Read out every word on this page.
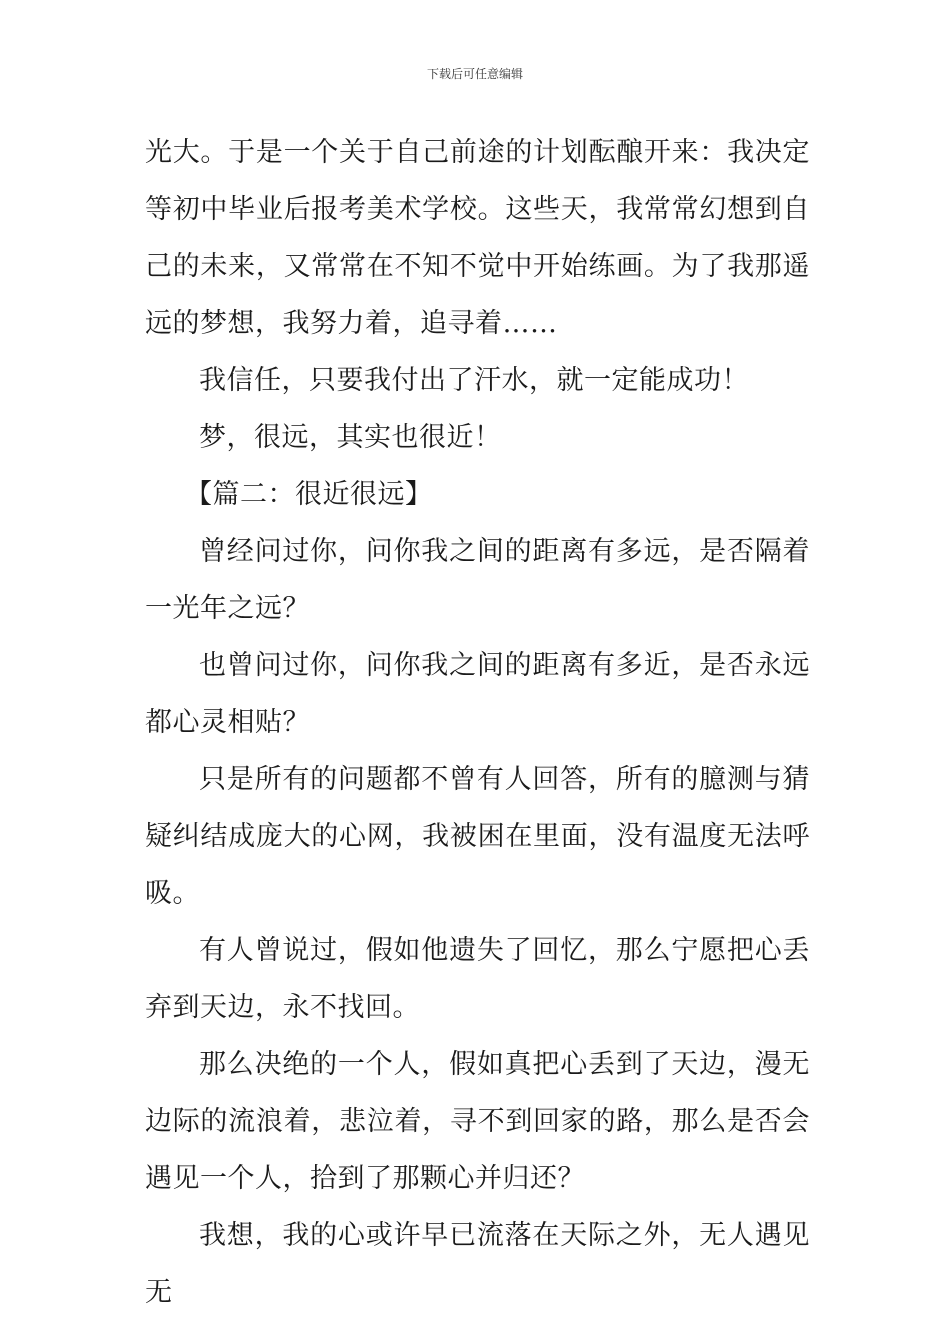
下载后可任意编辑

光大。于是一个关于自己前途的计划酝酿开来：我决定等初中毕业后报考美术学校。这些天，我常常幻想到自己的未来，又常常在不知不觉中开始练画。为了我那遥远的梦想，我努力着，追寻着……

我信任，只要我付出了汗水，就一定能成功！

梦，很远，其实也很近！

【篇二：很近很远】

曾经问过你，问你我之间的距离有多远，是否隔着一光年之远？

也曾问过你，问你我之间的距离有多近，是否永远都心灵相贴？

只是所有的问题都不曾有人回答，所有的臆测与猜疑纠结成庞大的心网，我被困在里面，没有温度无法呼吸。

有人曾说过，假如他遗失了回忆，那么宁愿把心丢弃到天边，永不找回。

那么决绝的一个人，假如真把心丢到了天边，漫无边际的流浪着，悲泣着，寻不到回家的路，那么是否会遇见一个人，拾到了那颗心并归还？

我想，我的心或许早已流落在天际之外，无人遇见无
